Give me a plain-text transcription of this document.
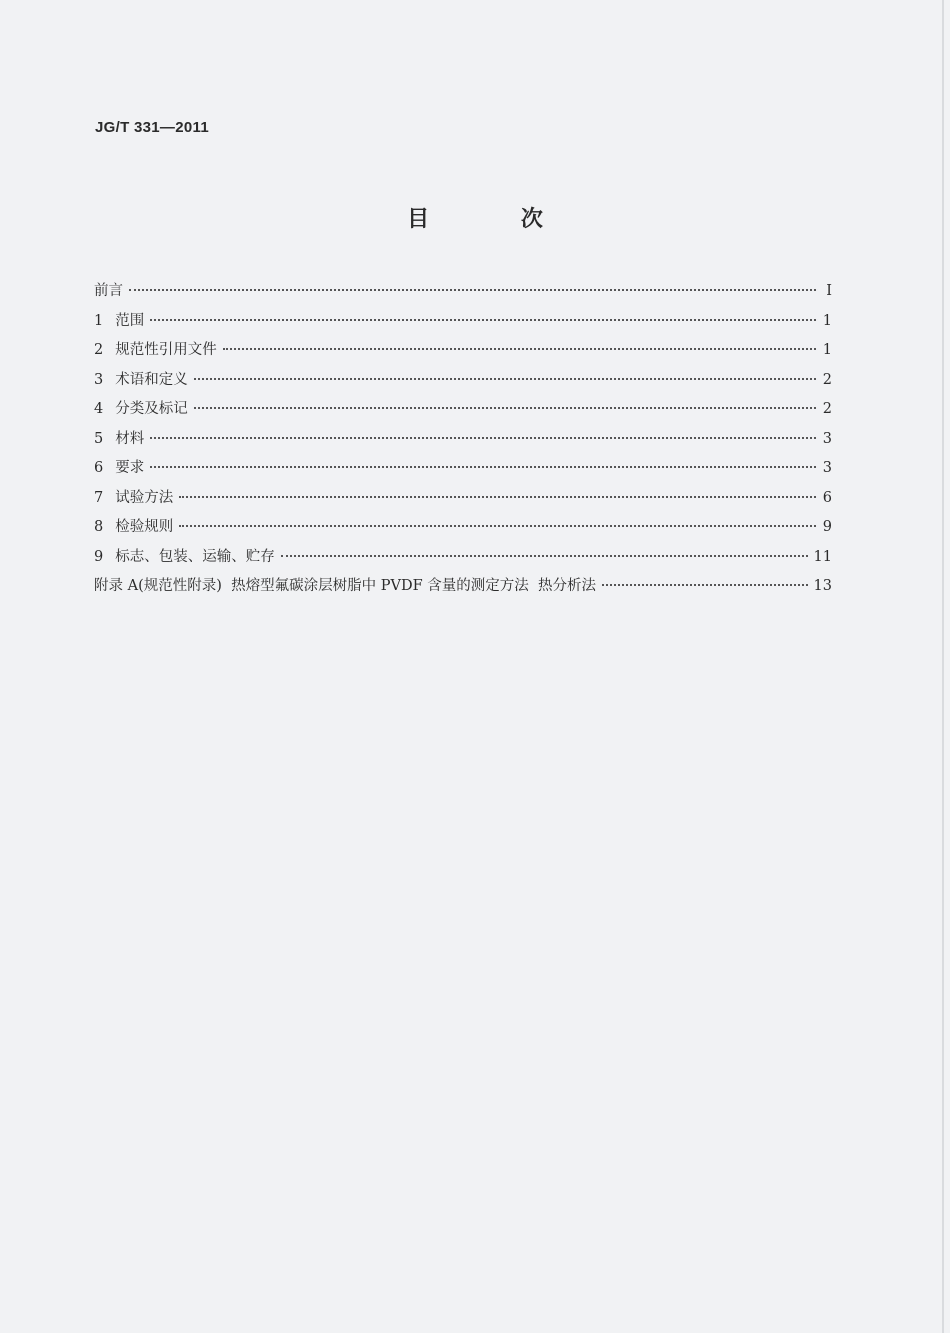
JG/T 331—2011
目 次
前言	I
1 范围	1
2 规范性引用文件	1
3 术语和定义	2
4 分类及标记	2
5 材料	3
6 要求	3
7 试验方法	6
8 检验规则	9
9 标志、包装、运输、贮存	11
附录 A(规范性附录)  热熔型氟碳涂层树脂中 PVDF 含量的测定方法  热分析法	13
